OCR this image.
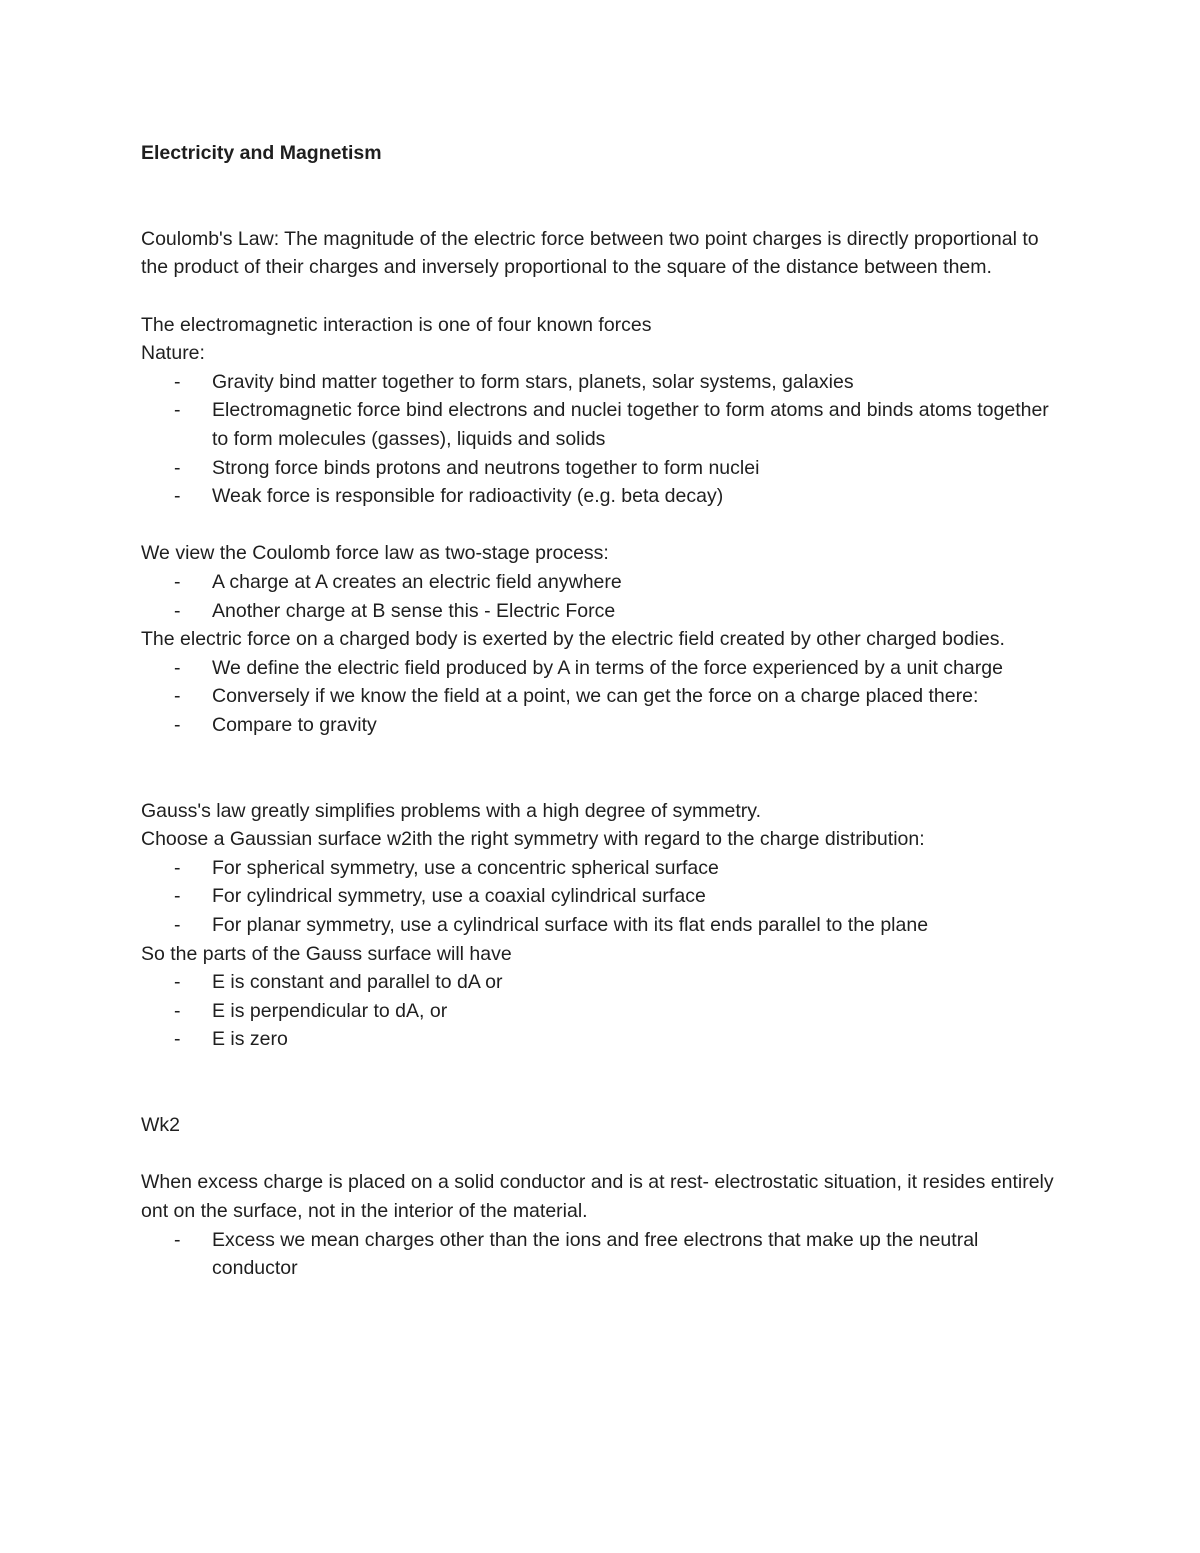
Electricity and Magnetism

Coulomb's Law: The magnitude of the electric force between two point charges is directly proportional to the product of their charges and inversely proportional to the square of the distance between them.

The electromagnetic interaction is one of four known forces

Nature:

- Gravity bind matter together to form stars, planets, solar systems, galaxies
- Electromagnetic force bind electrons and nuclei together to form atoms and binds atoms together to form molecules (gasses), liquids and solids
- Strong force binds protons and neutrons together to form nuclei
- Weak force is responsible for radioactivity (e.g. beta decay)

We view the Coulomb force law as two-stage process:

- A charge at A creates an electric field anywhere
- Another charge at B sense this - Electric Force

The electric force on a charged body is exerted by the electric field created by other charged bodies.

- We define the electric field produced by A in terms of the force experienced by a unit charge
- Conversely if we know the field at a point, we can get the force on a charge placed there:
- Compare to gravity

Gauss's law greatly simplifies problems with a high degree of symmetry.

Choose a Gaussian surface w2ith the right symmetry with regard to the charge distribution:

- For spherical symmetry, use a concentric spherical surface
- For cylindrical symmetry, use a coaxial cylindrical surface
- For planar symmetry, use a cylindrical surface with its flat ends parallel to the plane

So the parts of the Gauss surface will have

- E is constant and parallel to dA or
- E is perpendicular to dA, or
- E is zero

Wk2

When excess charge is placed on a solid conductor and is at rest- electrostatic situation, it resides entirely ont on the surface, not in the interior of the material.

- Excess we mean charges other than the ions and free electrons that make up the neutral conductor
